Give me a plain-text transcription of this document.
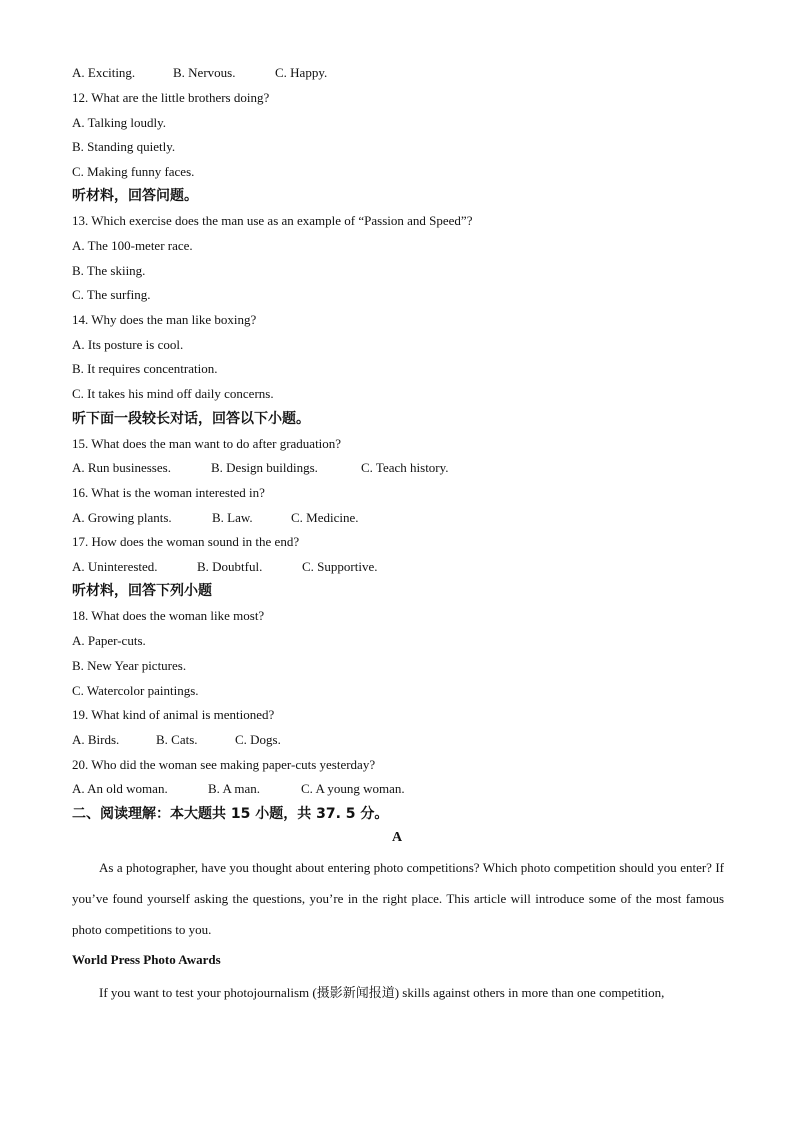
A. Exciting.	B. Nervous.	C. Happy.
12. What are the little brothers doing?
A. Talking loudly.
B. Standing quietly.
C. Making funny faces.
听材料，回答问题。
13. Which exercise does the man use as an example of “Passion and Speed”?
A. The 100-meter race.
B. The skiing.
C. The surfing.
14. Why does the man like boxing?
A. Its posture is cool.
B. It requires concentration.
C. It takes his mind off daily concerns.
听下面一段较长对话，回答以下小题。
15. What does the man want to do after graduation?
A. Run businesses.	B. Design buildings.	C. Teach history.
16. What is the woman interested in?
A. Growing plants.	B. Law.	C. Medicine.
17. How does the woman sound in the end?
A. Uninterested.	B. Doubtful.	C. Supportive.
听材料，回答下列小题
18. What does the woman like most?
A. Paper-cuts.
B. New Year pictures.
C. Watercolor paintings.
19. What kind of animal is mentioned?
A. Birds.	B. Cats.	C. Dogs.
20. Who did the woman see making paper-cuts yesterday?
A. An old woman.	B. A man.	C. A young woman.
二、阅读理解：本大题共 15 小题，共 37. 5 分。
A
As a photographer, have you thought about entering photo competitions? Which photo competition should you enter? If you’ve found yourself asking the questions, you’re in the right place. This article will introduce some of the most famous photo competitions to you.
World Press Photo Awards
If you want to test your photojournalism (摄影新闻报道) skills against others in more than one competition,
